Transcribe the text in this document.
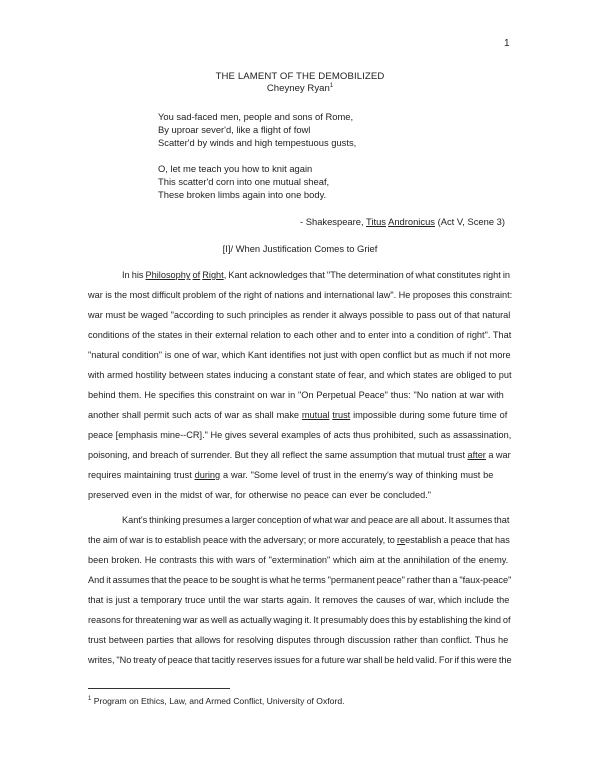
1
THE LAMENT OF THE DEMOBILIZED
Cheyney Ryan$^1$
You sad-faced men, people and sons of Rome,
By uproar sever'd, like a flight of fowl
Scatter'd by winds and high tempestuous gusts,
O, let me teach you how to knit again
This scatter'd corn into one mutual sheaf,
These broken limbs again into one body.
- Shakespeare, Titus Andronicus (Act V, Scene 3)
[I]/ When Justification Comes to Grief
In his Philosophy of Right, Kant acknowledges that "The determination of what constitutes right in
war is the most difficult problem of the right of nations and international law". He proposes this constraint:
war must be waged "according to such principles as render it always possible to pass out of that natural
conditions of the states in their external relation to each other and to enter into a condition of right". That
"natural condition" is one of war, which Kant identifies not just with open conflict but as much if not more
with armed hostility between states inducing a constant state of fear, and which states are obliged to put
behind them. He specifies this constraint on war in "On Perpetual Peace" thus: "No nation at war with
another shall permit such acts of war as shall make mutual trust impossible during some future time of
peace [emphasis mine--CR]." He gives several examples of acts thus prohibited, such as assassination,
poisoning, and breach of surrender. But they all reflect the same assumption that mutual trust after a war
requires maintaining trust during a war. "Some level of trust in the enemy's way of thinking must be
preserved even in the midst of war, for otherwise no peace can ever be concluded."
Kant's thinking presumes a larger conception of what war and peace are all about. It assumes that
the aim of war is to establish peace with the adversary; or more accurately, to reestablish a peace that has
been broken. He contrasts this with wars of "extermination" which aim at the annihilation of the enemy.
And it assumes that the peace to be sought is what he terms "permanent peace" rather than a "faux-peace"
that is just a temporary truce until the war starts again. It removes the causes of war, which include the
reasons for threatening war as well as actually waging it. It presumably does this by establishing the kind of
trust between parties that allows for resolving disputes through discussion rather than conflict. Thus he
writes, "No treaty of peace that tacitly reserves issues for a future war shall be held valid. For if this were the
$^1$ Program on Ethics, Law, and Armed Conflict, University of Oxford.
